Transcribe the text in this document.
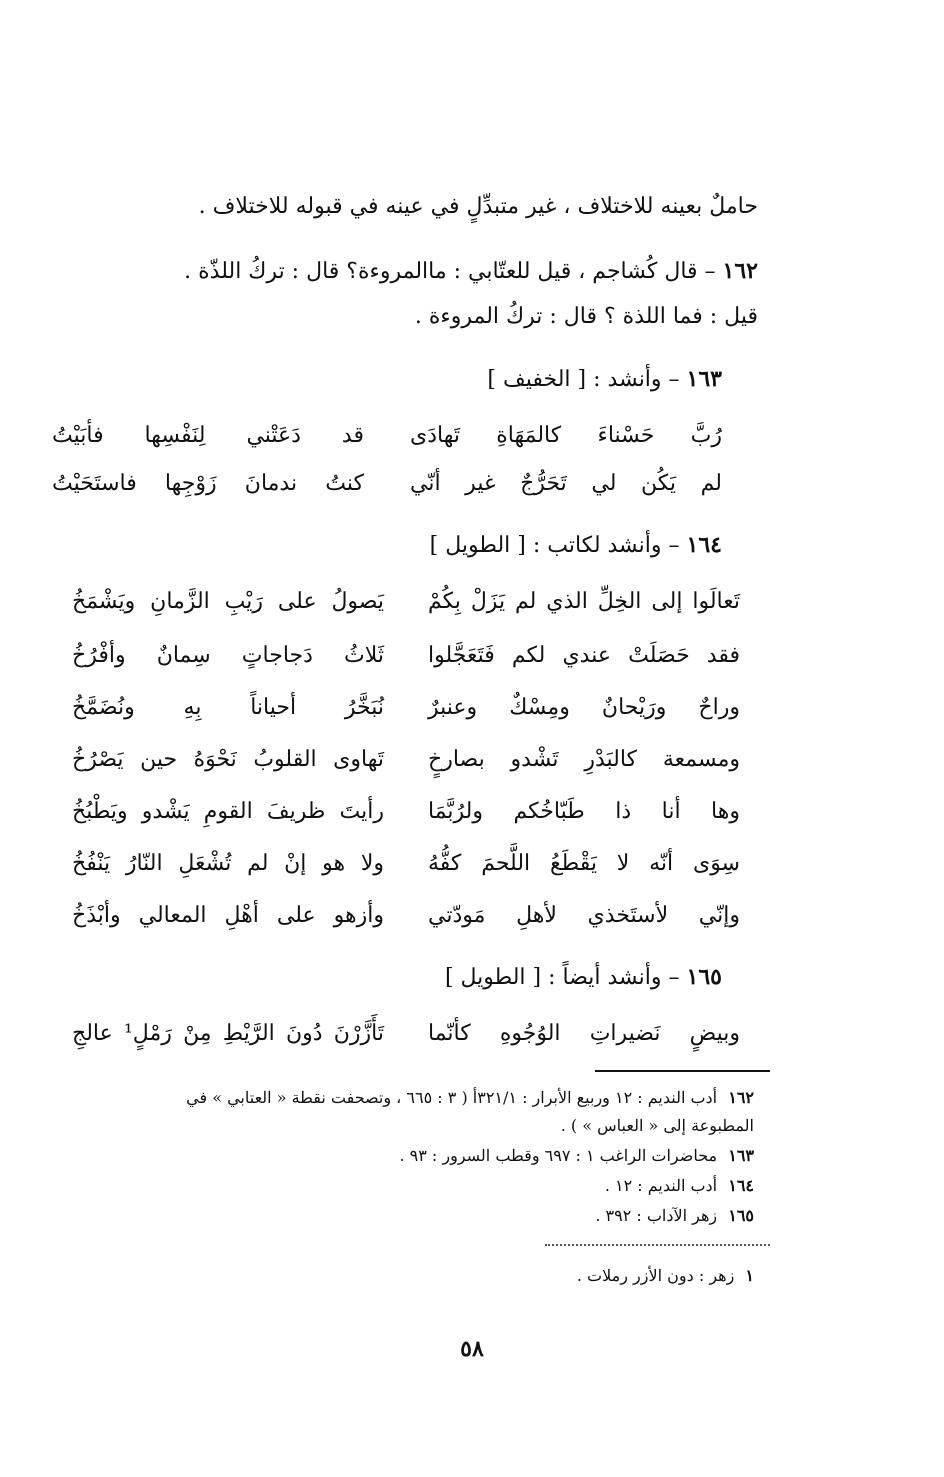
حاملٌ بعينه للاختلاف ، غير متبدِّلٍ في عينه في قبوله للاختلاف .
١٦٢ – قال كُشاجم ، قيل للعتّابي : ماالمروءة؟ قال : تركُ اللذّة .
قيل : فما اللذة ؟ قال : تركُ المروءة .
١٦٣ – وأنشد : [ الخفيف ]
رُبَّ حَسْناءَ كالمَهَاةِ تَهادَى
قد دَعَتْني لِنَفْسِها فأبَيْتُ
لم يَكُن لي تَحَرُّجٌ غير أنّي
كنتُ ندمانَ زَوْجِها فاستَحَيْتُ
١٦٤ – وأنشد لكاتب : [ الطويل ]
تَعالَوا إلى الخِلِّ الذي لم يَزَلْ بِكُمْ
يَصولُ على رَيْبِ الزَّمانِ ويَشْمَخُ
فقد حَصَلَتْ عندي لكم فَتَعَجَّلوا
ثَلاثُ دَجاجاتٍ سِمانٌ وأفْرُخُ
وراحٌ ورَيْحانٌ ومِسْكٌ وعنبرٌ
نُبَخَّرُ أحياناً بِهِ ونُضَمَّخُ
ومسمعة كالبَدْرِ تَشْدو بصارخٍ
تَهاوى القلوبُ نَحْوَهُ حين يَصْرُخُ
وها أنا ذا طَبّاخُكم ولرُبَّمَا
رأيتَ ظريفَ القومِ يَشْدو ويَطْبُخُ
سِوَى أنّه لا يَقْطَعُ اللَّحمَ كفُّهُ
ولا هو إنْ لم تُشْعَلِ النّارُ يَنْفُخُ
وإنّي لأستَخذي لأهلِ مَودّتي
وأزهو على أهْلِ المعالي وأبْذَخُ
١٦٥ – وأنشد أيضاً : [ الطويل ]
وبيضٍ نَضيراتِ الوُجُوهِ كأنّما
تَأَزَّرْنَ دُونَ الرَّيْطِ مِنْ رَمْلٍ¹ عالجِ
١٦٢ أدب النديم : ١٢ وربيع الأبرار : ٣٢١/١أ ( ٣ : ٦٦٥ ، وتصحفت نقطة « العتابي » في
المطبوعة إلى « العباس » ) .
١٦٣ محاضرات الراغب ١ : ٦٩٧ وقطب السرور : ٩٣ .
١٦٤ أدب النديم : ١٢ .
١٦٥ زهر الآداب : ٣٩٢ .
١ زهر : دون الأزر رملات .
٥٨
